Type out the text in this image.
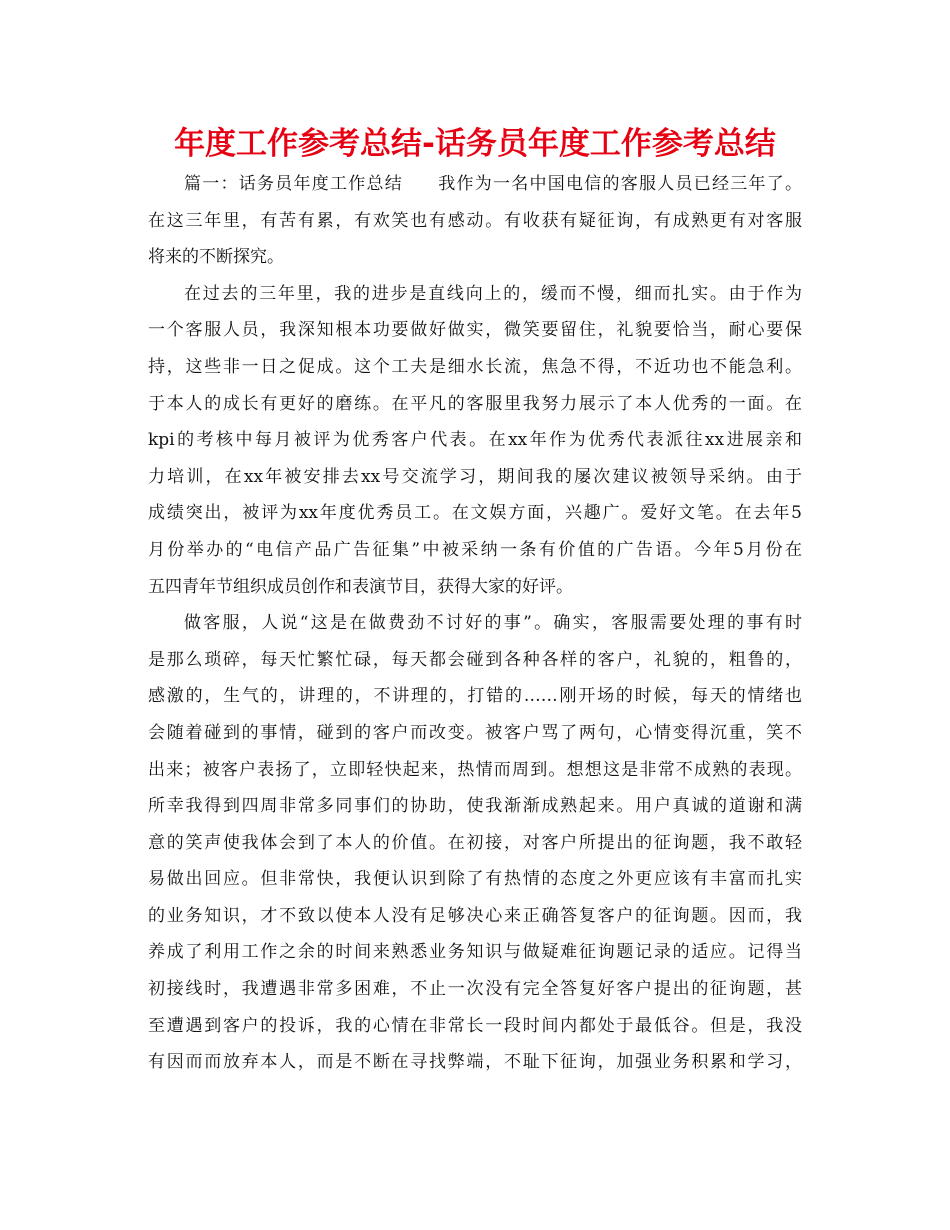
年度工作参考总结-话务员年度工作参考总结
篇一：话务员年度工作总结 我作为一名中国电信的客服人员已经三年了。
在这三年里，有苦有累，有欢笑也有感动。有收获有疑征询，有成熟更有对客服
将来的不断探究。
在过去的三年里，我的进步是直线向上的，缓而不慢，细而扎实。由于作为
一个客服人员，我深知根本功要做好做实，微笑要留住，礼貌要恰当，耐心要保
持，这些非一日之促成。这个工夫是细水长流，焦急不得，不近功也不能急利。
于本人的成长有更好的磨练。在平凡的客服里我努力展示了本人优秀的一面。在
kpi的考核中每月被评为优秀客户代表。在xx年作为优秀代表派往xx进展亲和
力培训，在xx年被安排去xx号交流学习，期间我的屡次建议被领导采纳。由于
成绩突出，被评为xx年度优秀员工。在文娱方面，兴趣广。爱好文笔。在去年5
月份举办的“电信产品广告征集”中被采纳一条有价值的广告语。今年5月份在
五四青年节组织成员创作和表演节目，获得大家的好评。
做客服，人说“这是在做费劲不讨好的事”。确实，客服需要处理的事有时
是那么琐碎，每天忙繁忙碌，每天都会碰到各种各样的客户，礼貌的，粗鲁的，
感激的，生气的，讲理的，不讲理的，打错的……刚开场的时候，每天的情绪也
会随着碰到的事情，碰到的客户而改变。被客户骂了两句，心情变得沉重，笑不
出来；被客户表扬了，立即轻快起来，热情而周到。想想这是非常不成熟的表现。
所幸我得到四周非常多同事们的协助，使我渐渐成熟起来。用户真诚的道谢和满
意的笑声使我体会到了本人的价值。在初接，对客户所提出的征询题，我不敢轻
易做出回应。但非常快，我便认识到除了有热情的态度之外更应该有丰富而扎实
的业务知识，才不致以使本人没有足够决心来正确答复客户的征询题。因而，我
养成了利用工作之余的时间来熟悉业务知识与做疑难征询题记录的适应。记得当
初接线时，我遭遇非常多困难，不止一次没有完全答复好客户提出的征询题，甚
至遭遇到客户的投诉，我的心情在非常长一段时间内都处于最低谷。但是，我没
有因而而放弃本人，而是不断在寻找弊端，不耻下征询，加强业务积累和学习，
